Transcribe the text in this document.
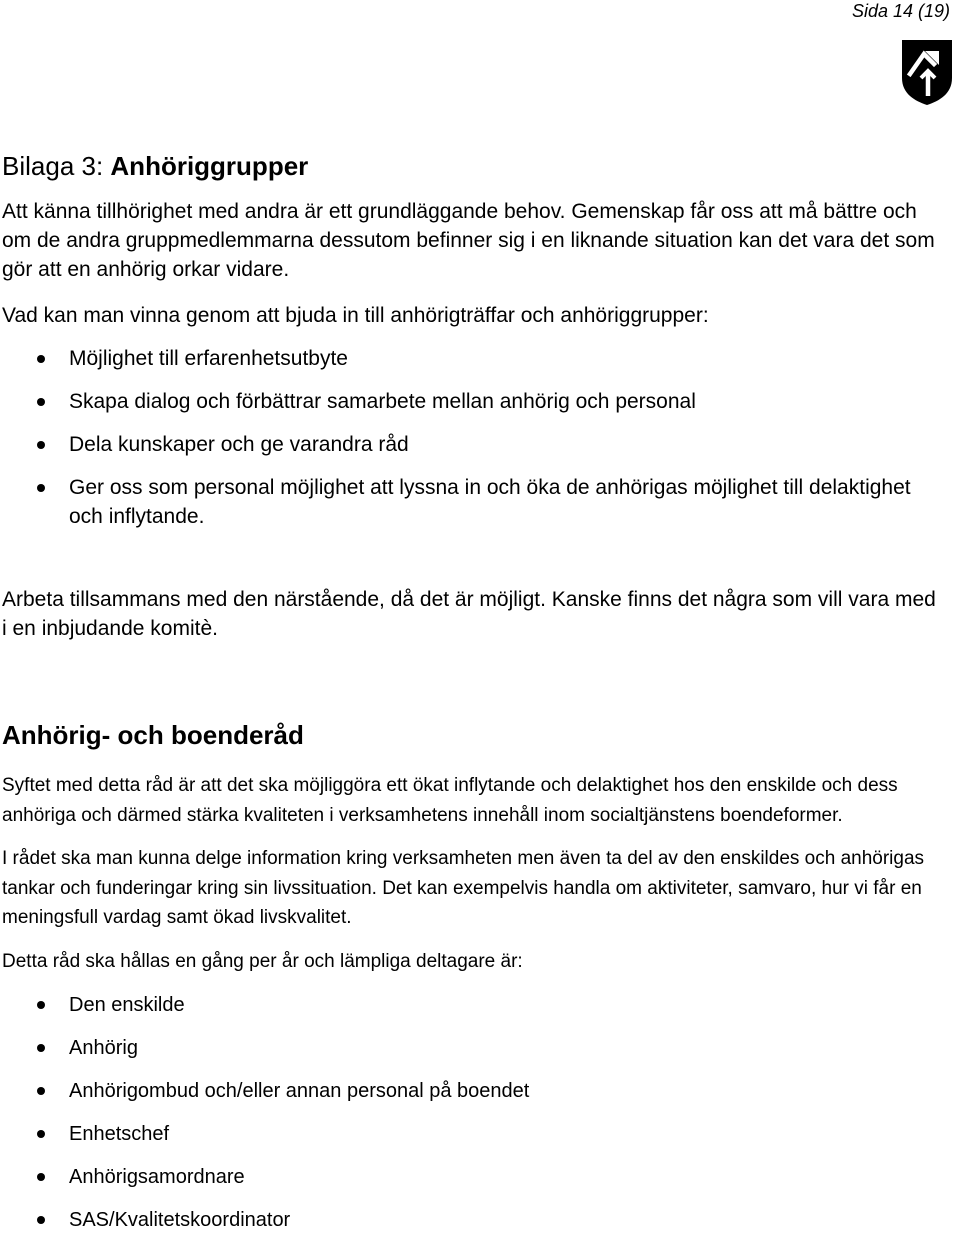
Sida 14 (19)
Bilaga 3: Anhöriggrupper

Att känna tillhörighet med andra är ett grundläggande behov. Gemenskap får oss att må bättre och om de andra gruppmedlemmarna dessutom befinner sig i en liknande situation kan det vara det som gör att en anhörig orkar vidare.

Vad kan man vinna genom att bjuda in till anhörigträffar och anhöriggrupper:

Möjlighet till erfarenhetsutbyte
Skapa dialog och förbättrar samarbete mellan anhörig och personal
Dela kunskaper och ge varandra råd
Ger oss som personal möjlighet att lyssna in och öka de anhörigas möjlighet till delaktighet och inflytande.

Arbeta tillsammans med den närstående, då det är möjligt. Kanske finns det några som vill vara med i en inbjudande komitè.

Anhörig- och boenderåd

Syftet med detta råd är att det ska möjliggöra ett ökat inflytande och delaktighet hos den enskilde och dess anhöriga och därmed stärka kvaliteten i verksamhetens innehåll inom socialtjänstens boendeformer.

I rådet ska man kunna delge information kring verksamheten men även ta del av den enskildes och anhörigas tankar och funderingar kring sin livssituation. Det kan exempelvis handla om aktiviteter, samvaro, hur vi får en meningsfull vardag samt ökad livskvalitet.

Detta råd ska hållas en gång per år och lämpliga deltagare är:

Den enskilde
Anhörig
Anhörigombud och/eller annan personal på boendet
Enhetschef
Anhörigsamordnare
SAS/Kvalitetskoordinator
